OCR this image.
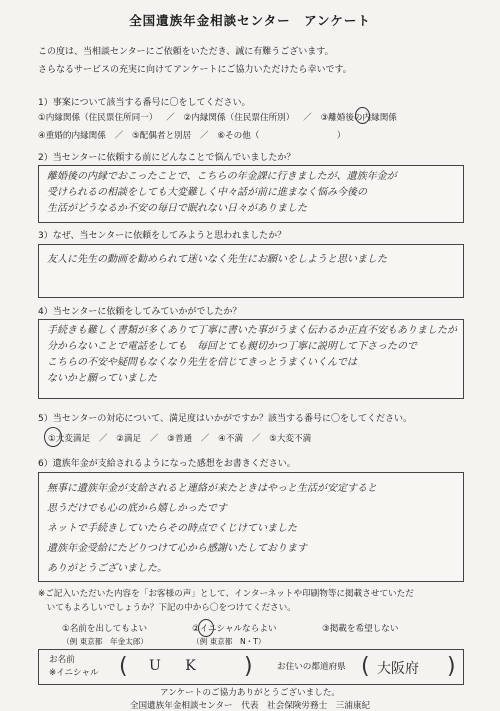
全国遺族年金相談センター　アンケート
この度は、当相談センターにご依頼をいただき、誠に有難うございます。
さらなるサービスの充実に向けてアンケートにご協力いただけたら幸いです。
1）事案について該当する番号に〇をしてください。
①内縁関係（住民票住所同一） ／ ②内縁関係（住民票住所別） ／ ③離婚後の内縁関係
④重婚的内縁関係 ／ ⑤配偶者と別居 ／ ⑥その他（	）
2）当センターに依頼する前にどんなことで悩んでいましたか？
離婚後の内縁でおこったことで、こちらの年金課に行きましたが、遺族年金が
受けられるの相談をしても大変難しく中々話が前に進まなく悩み今後の
生活がどうなるか不安の毎日で眠れない日々がありました
3）なぜ、当センターに依頼をしてみようと思われましたか？
友人に先生の動画を勧められて迷いなく先生にお願いをしようと思いました
4）当センターに依頼をしてみていかがでしたか？
手続きも難しく書類が多くありて丁寧に書いた事がうまく伝わるか正直不安もありましたが
分からないことで電話をしても　毎回とても親切かつ丁寧に説明して下さったので
こちらの不安や疑問もなくなり先生を信じてきっとうまくいくんでは
ないかと願っていました
5）当センターの対応について、満足度はいかがですか？該当する番号に〇をしてください。
①大変満足 ／ ②満足 ／ ③普通 ／ ④不満 ／ ⑤大変不満
6）遺族年金が支給されるようになった感想をお書きください。
無事に遺族年金が支給されると連絡が来たときはやっと生活が安定すると
思うだけでも心の底から嬉しかったです
ネットで手続きしていたらその時点でくじけていました
遺族年金受給にたどりつけて心から感謝いたしております
ありがとうございました。
※ご記入いただいた内容を「お客様の声」として、インターネットや印刷物等に掲載させていただ
　いてもよろしいでしょうか？下記の中から〇をつけてください。
①名前を出してもよい
（例 東京都　年金太郎）
②イニシャルならよい
（例 東京都　N・T）
③掲載を希望しない
お名前
※イニシャル ( U K )	お住いの都道府県 ( 大阪府 )
アンケートのご協力ありがとうございました。
全国遺族年金相談センター　代表　社会保険労務士　三浦康紀
